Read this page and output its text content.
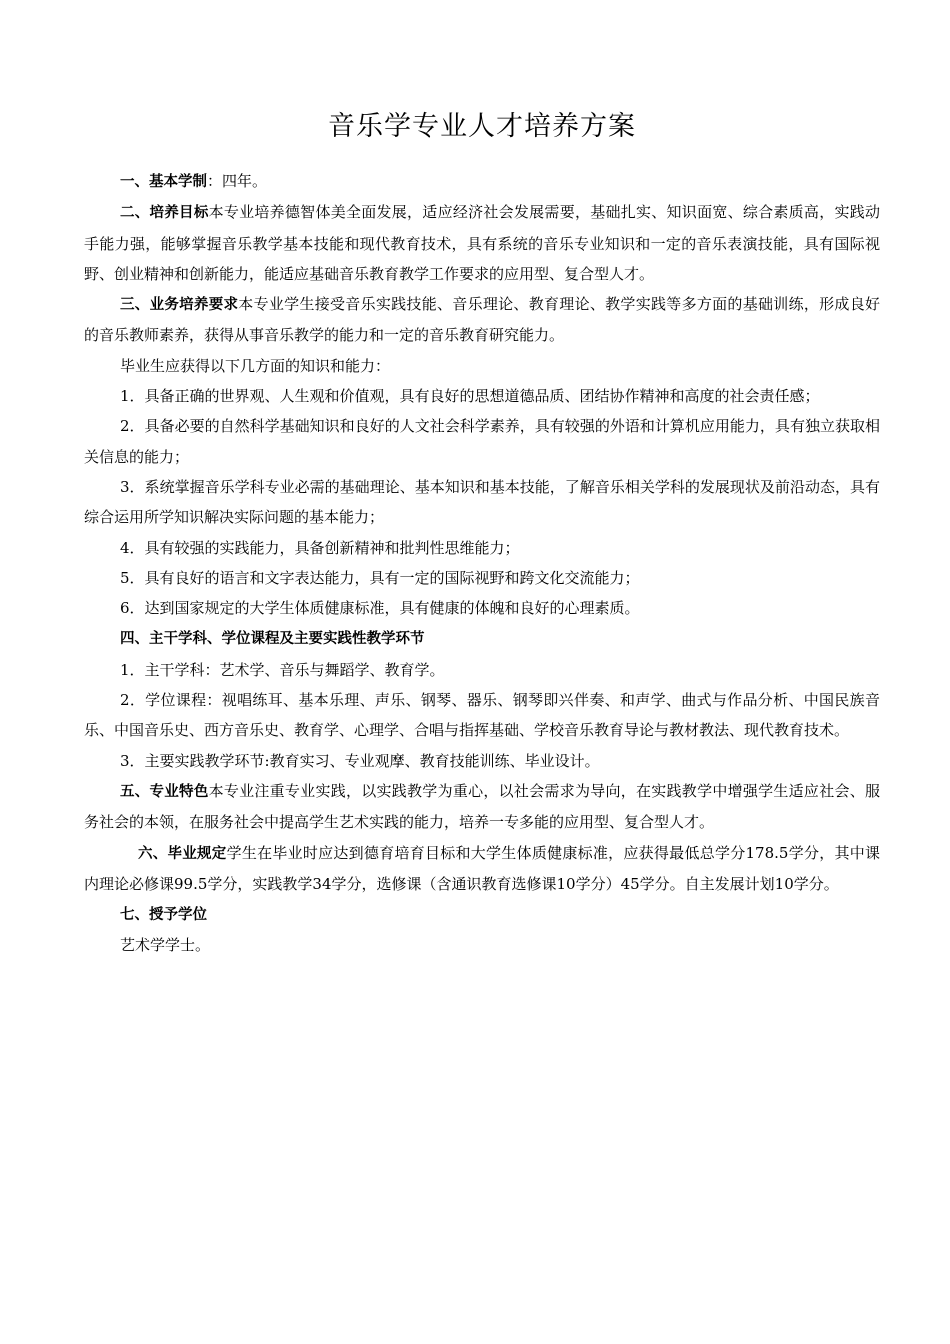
音乐学专业人才培养方案

一、基本学制：四年。

二、培养目标本专业培养德智体美全面发展，适应经济社会发展需要，基础扎实、知识面宽、综合素质高，实践动手能力强，能够掌握音乐教学基本技能和现代教育技术，具有系统的音乐专业知识和一定的音乐表演技能，具有国际视野、创业精神和创新能力，能适应基础音乐教育教学工作要求的应用型、复合型人才。

三、业务培养要求本专业学生接受音乐实践技能、音乐理论、教育理论、教学实践等多方面的基础训练，形成良好的音乐教师素养，获得从事音乐教学的能力和一定的音乐教育研究能力。

毕业生应获得以下几方面的知识和能力：

1．具备正确的世界观、人生观和价值观，具有良好的思想道德品质、团结协作精神和高度的社会责任感；

2．具备必要的自然科学基础知识和良好的人文社会科学素养，具有较强的外语和计算机应用能力，具有独立获取相关信息的能力；

3．系统掌握音乐学科专业必需的基础理论、基本知识和基本技能，了解音乐相关学科的发展现状及前沿动态，具有综合运用所学知识解决实际问题的基本能力；

4．具有较强的实践能力，具备创新精神和批判性思维能力；

5．具有良好的语言和文字表达能力，具有一定的国际视野和跨文化交流能力；

6．达到国家规定的大学生体质健康标准，具有健康的体魄和良好的心理素质。

四、主干学科、学位课程及主要实践性教学环节

1．主干学科：艺术学、音乐与舞蹈学、教育学。

2．学位课程：视唱练耳、基本乐理、声乐、钢琴、器乐、钢琴即兴伴奏、和声学、曲式与作品分析、中国民族音乐、中国音乐史、西方音乐史、教育学、心理学、合唱与指挥基础、学校音乐教育导论与教材教法、现代教育技术。

3．主要实践教学环节:教育实习、专业观摩、教育技能训练、毕业设计。

五、专业特色本专业注重专业实践，以实践教学为重心，以社会需求为导向，在实践教学中增强学生适应社会、服务社会的本领，在服务社会中提高学生艺术实践的能力，培养一专多能的应用型、复合型人才。

六、毕业规定学生在毕业时应达到德育培育目标和大学生体质健康标准，应获得最低总学分178.5学分，其中课内理论必修课99.5学分，实践教学34学分，选修课（含通识教育选修课10学分）45学分。自主发展计划10学分。

七、授予学位

艺术学学士。
